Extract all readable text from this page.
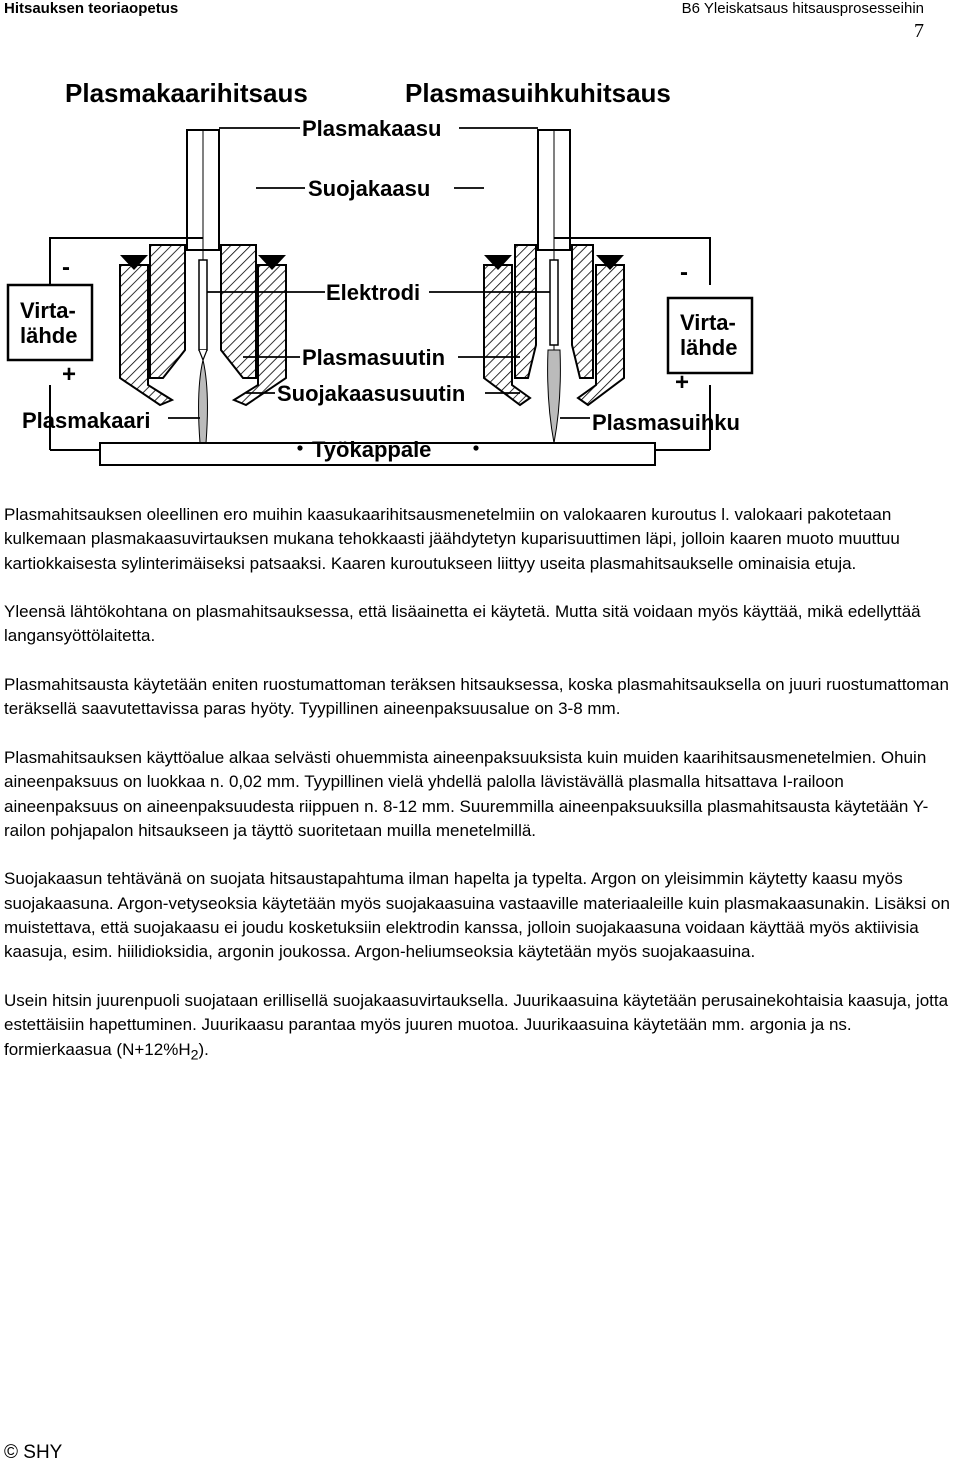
Hitsauksen teoriaopetus	B6 Yleiskatsaus hitsausprosesseihin
7
Plasmakaarihitsaus	Plasmasuihkuhitsaus
Virta-
lähde
-
+
Virta-
lähde
-
+
Plasmakaasu
Suojakaasu
Elektrodi
Plasmasuutin
Suojakaasusuutin
Plasmakaari	Plasmasuihku
Työkappale

Plasmahitsauksen oleellinen ero muihin kaasukaarihitsausmenetelmiin on valokaaren kuroutus l. valokaari pakotetaan kulkemaan plasmakaasuvirtauksen mukana tehokkaasti jäähdytetyn kuparisuuttimen läpi, jolloin kaaren muoto muuttuu kartiokkaisesta sylinterimäiseksi patsaaksi. Kaaren kuroutukseen liittyy useita plasmahitsaukselle ominaisia etuja.

Yleensä lähtökohtana on plasmahitsauksessa, että lisäainetta ei käytetä. Mutta sitä voidaan myös käyttää, mikä edellyttää langansyöttölaitetta.

Plasmahitsausta käytetään eniten ruostumattoman teräksen hitsauksessa, koska plasmahitsauksella on juuri ruostumattoman teräksellä saavutettavissa paras hyöty. Tyypillinen aineenpaksuusalue on 3-8 mm.

Plasmahitsauksen käyttöalue alkaa selvästi ohuemmista aineenpaksuuksista kuin muiden kaarihitsausmenetelmien. Ohuin aineenpaksuus on luokkaa n. 0,02 mm. Tyypillinen vielä yhdellä palolla lävistävällä plasmalla hitsattava I-railoon aineenpaksuus on aineenpaksuudesta riippuen n. 8-12 mm. Suuremmilla aineenpaksuuksilla plasmahitsausta käytetään Y-railon pohjapalon hitsaukseen ja täyttö suoritetaan muilla menetelmillä.

Suojakaasun tehtävänä on suojata hitsaustapahtuma ilman hapelta ja typelta. Argon on yleisimmin käytetty kaasu myös suojakaasuna. Argon-vetyseoksia käytetään myös suojakaasuina vastaaville materiaaleille kuin plasmakaasunakin. Lisäksi on muistettava, että suojakaasu ei joudu kosketuksiin elektrodin kanssa, jolloin suojakaasuna voidaan käyttää myös aktiivisia kaasuja, esim. hiilidioksidia, argonin joukossa. Argon-heliumseoksia käytetään myös suojakaasuina.

Usein hitsin juurenpuoli suojataan erillisellä suojakaasuvirtauksella. Juurikaasuina käytetään perusainekohtaisia kaasuja, jotta estettäisiin hapettuminen. Juurikaasu parantaa myös juuren muotoa. Juurikaasuina käytetään mm. argonia ja ns. formierkaasua $(N+12\%H_2)$.

© SHY
